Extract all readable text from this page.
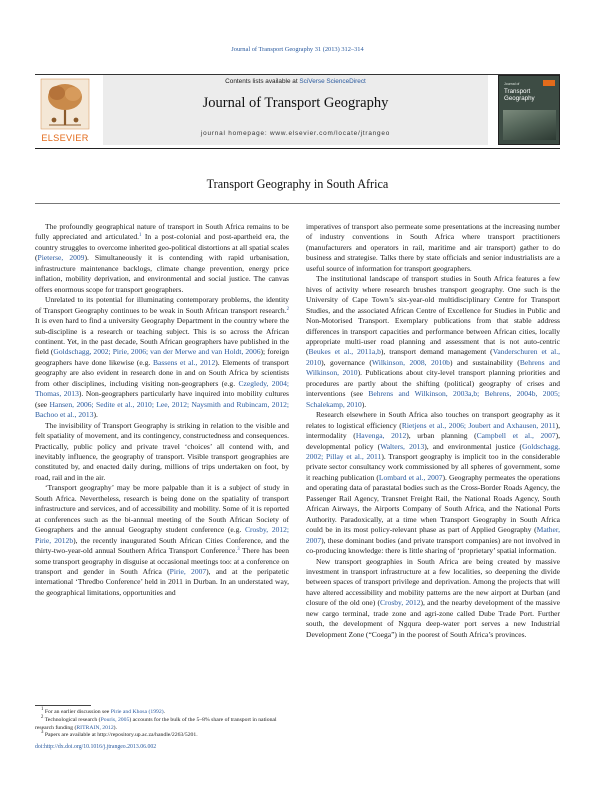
Journal of Transport Geography 31 (2013) 312–314
ELSEVIER
Contents lists available at SciVerse ScienceDirect
Journal of Transport Geography
journal homepage: www.elsevier.com/locate/jtrangeo
Journal of
Transport
Geography
Transport Geography in South Africa

The profoundly geographical nature of transport in South Africa remains to be fully appreciated and articulated.$^1$ In a post-colonial and post-apartheid era, the country struggles to overcome inherited geo-political distortions at all spatial scales (Pieterse, 2009). Simultaneously it is contending with rapid urbanisation, infrastructure maintenance backlogs, climate change prevention, energy price inflation, mobility deprivation, and environmental and social justice. The canvas offers enormous scope for transport geographers.

Unrelated to its potential for illuminating contemporary problems, the identity of Transport Geography continues to be weak in South African transport research.$^2$ It is even hard to find a university Geography Department in the country where the sub-discipline is a research or teaching subject. This is so across the African continent. Yet, in the past decade, South African geographers have published in the field (Goldschagg, 2002; Pirie, 2006; van der Merwe and van Holdt, 2006); foreign geographers have done likewise (e.g. Bassens et al., 2012). Elements of transport geography are also evident in research done in and on South Africa by scientists from other disciplines, including visiting non-geographers (e.g. Czegledy, 2004; Thomas, 2013). Non-geographers particularly have inquired into mobility cultures (see Hansen, 2006; Sedite et al., 2010; Lee, 2012; Naysmith and Rubincam, 2012; Bachoo et al., 2013).

The invisibility of Transport Geography is striking in relation to the visible and felt spatiality of movement, and its contingency, constructedness and consequences. Practically, public policy and private travel ‘choices’ all contend with, and inevitably influence, the geography of transport. Visible transport geographies are constituted by, and enacted daily during, millions of trips undertaken on foot, by road, rail and in the air.

‘Transport geography’ may be more palpable than it is a subject of study in South Africa. Nevertheless, research is being done on the spatiality of transport infrastructure and services, and of accessibility and mobility. Some of it is reported at conferences such as the bi-annual meeting of the South African Society of Geographers and the annual Geography student conference (e.g. Crosby, 2012; Pirie, 2012b), the recently inaugurated South African Cities Conference, and the thirty-two-year-old annual Southern Africa Transport Conference.$^3$ There has been some transport geography in disguise at occasional meetings too: at a conference on transport and gender in South Africa (Pirie, 2007), and at the peripatetic international ‘Thredbo Conference’ held in 2011 in Durban. In an understated way, the geographical limitations, opportunities and

imperatives of transport also permeate some presentations at the increasing number of industry conventions in South Africa where transport practitioners (manufacturers and operators in rail, maritime and air transport) gather to do business and strategise. Talks there by state officials and senior industrialists are a useful source of information for transport geographers.

The institutional landscape of transport studies in South Africa features a few hives of activity where research brushes transport geography. One such is the University of Cape Town’s six-year-old multidisciplinary Centre for Transport Studies, and the associated African Centre of Excellence for Studies in Public and Non-Motorised Transport. Exemplary publications from that stable address differences in transport capacities and performance between African cities, locally appropriate multi-user road planning and assessment that is not auto-centric (Beukes et al., 2011a,b), transport demand management (Vanderschuren et al., 2010), governance (Wilkinson, 2008, 2010b) and sustainability (Behrens and Wilkinson, 2010). Publications about city-level transport planning priorities and procedures are partly about the shifting (political) geography of crises and interventions (see Behrens and Wilkinson, 2003a,b; Behrens, 2004b, 2005; Schalekamp, 2010).

Research elsewhere in South Africa also touches on transport geography as it relates to logistical efficiency (Rietjens et al., 2006; Joubert and Axhausen, 2011), intermodality (Havenga, 2012), urban planning (Campbell et al., 2007), developmental policy (Walters, 2013), and environmental justice (Goldschagg, 2002; Pillay et al., 2011). Transport geography is implicit too in the considerable private sector consultancy work commissioned by all spheres of government, some it reaching publication (Lombard et al., 2007). Geography permeates the operations and operating data of parastatal bodies such as the Cross-Border Roads Agency, the Passenger Rail Agency, Transnet Freight Rail, the National Roads Agency, South African Airways, the Airports Company of South Africa, and the National Ports Authority. Paradoxically, at a time when Transport Geography in South Africa could be in its most policy-relevant phase as part of Applied Geography (Mather, 2007), these dominant bodies (and private transport companies) are not involved in co-producing knowledge: there is little sharing of ‘proprietary’ spatial information.

New transport geographies in South Africa are being created by massive investment in transport infrastructure at a few localities, so deepening the divide between spaces of transport privilege and deprivation. Among the projects that will have altered accessibility and mobility patterns are the new airport at Durban (and closure of the old one) (Crosby, 2012), and the nearby development of the massive new cargo terminal, trade zone and agri-zone called Dube Trade Port. Further south, the development of Ngqura deep-water port serves a new Industrial Development Zone (“Coega”) in the poorest of South Africa’s provinces.

$^1$ For an earlier discussion see Pirie and Khosa (1992).
$^2$ Technological research (Pouris, 2005) accounts for the bulk of the 5–8% share of transport in national research funding (RITRAIN, 2012).
$^3$ Papers are available at http://repository.up.ac.za/handle/2263/5201.
doi:http://dx.doi.org/10.1016/j.jtrangeo.2013.06.002
